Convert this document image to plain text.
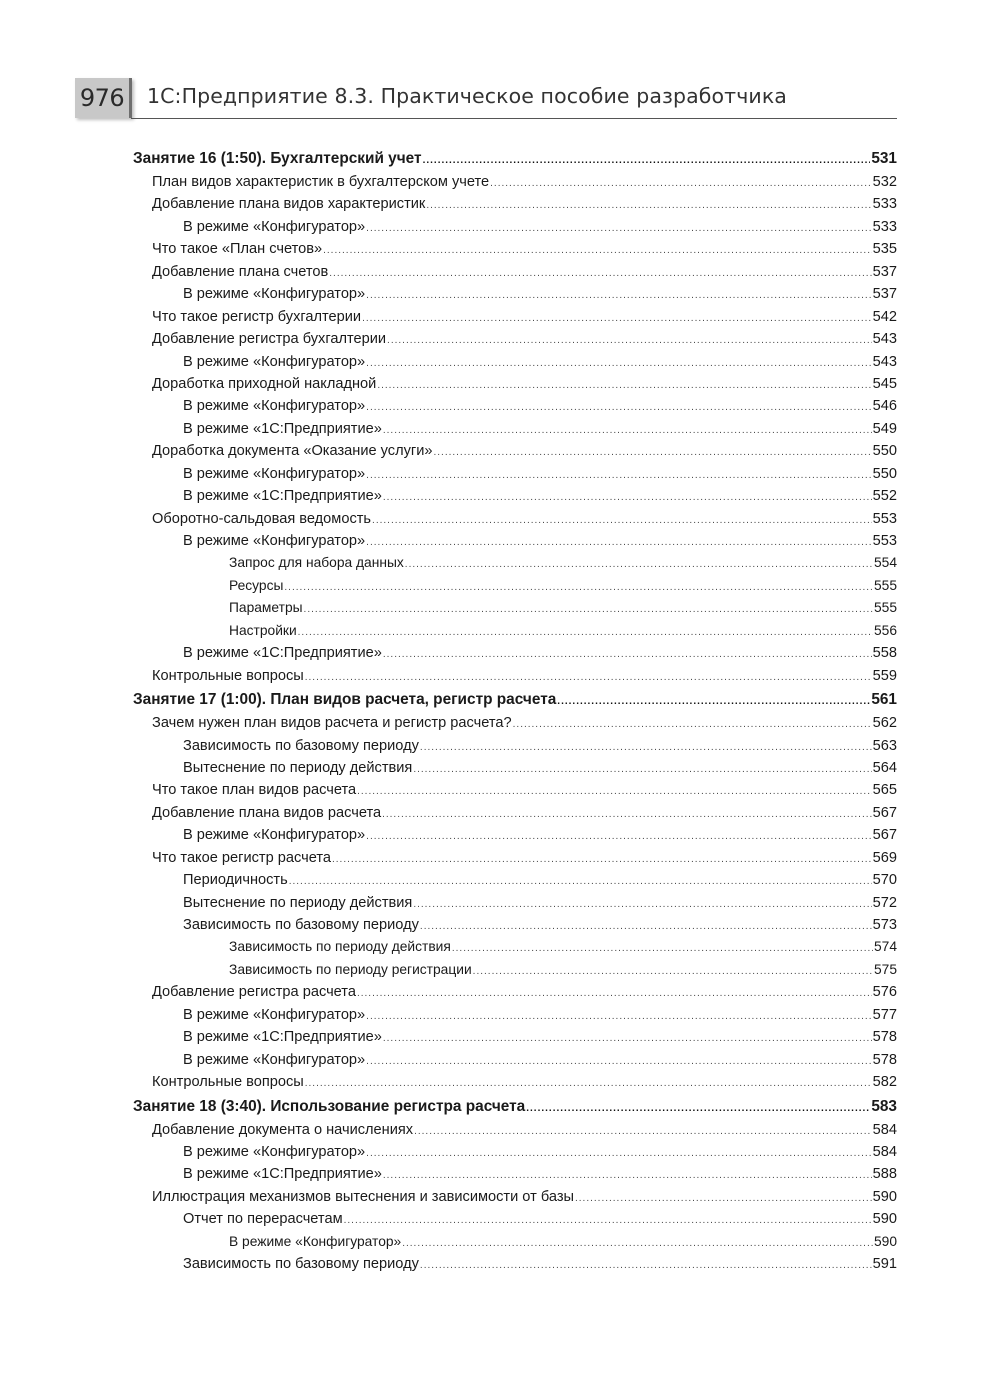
976	1С:Предприятие 8.3. Практическое пособие разработчика
Занятие 16 (1:50). Бухгалтерский учет .....	531
План видов характеристик в бухгалтерском учете .....	532
Добавление плана видов характеристик .....	533
В режиме «Конфигуратор» .....	533
Что такое «План счетов» .....	535
Добавление плана счетов .....	537
В режиме «Конфигуратор» .....	537
Что такое регистр бухгалтерии .....	542
Добавление регистра бухгалтерии .....	543
В режиме «Конфигуратор» .....	543
Доработка приходной накладной .....	545
В режиме «Конфигуратор» .....	546
В режиме «1С:Предприятие» .....	549
Доработка документа «Оказание услуги» .....	550
В режиме «Конфигуратор» .....	550
В режиме «1С:Предприятие» .....	552
Оборотно-сальдовая ведомость .....	553
В режиме «Конфигуратор» .....	553
Запрос для набора данных .....	554
Ресурсы .....	555
Параметры .....	555
Настройки .....	556
В режиме «1С:Предприятие» .....	558
Контрольные вопросы .....	559
Занятие 17 (1:00). План видов расчета, регистр расчета .....	561
Зачем нужен план видов расчета и регистр расчета? .....	562
Зависимость по базовому периоду .....	563
Вытеснение по периоду действия .....	564
Что такое план видов расчета .....	565
Добавление плана видов расчета .....	567
В режиме «Конфигуратор» .....	567
Что такое регистр расчета .....	569
Периодичность .....	570
Вытеснение по периоду действия .....	572
Зависимость по базовому периоду .....	573
Зависимость по периоду действия .....	574
Зависимость по периоду регистрации .....	575
Добавление регистра расчета .....	576
В режиме «Конфигуратор» .....	577
В режиме «1С:Предприятие» .....	578
В режиме «Конфигуратор» .....	578
Контрольные вопросы .....	582
Занятие 18 (3:40). Использование регистра расчета .....	583
Добавление документа о начислениях .....	584
В режиме «Конфигуратор» .....	584
В режиме «1С:Предприятие» .....	588
Иллюстрация механизмов вытеснения и зависимости от базы .....	590
Отчет по перерасчетам .....	590
В режиме «Конфигуратор» .....	590
Зависимость по базовому периоду .....	591
